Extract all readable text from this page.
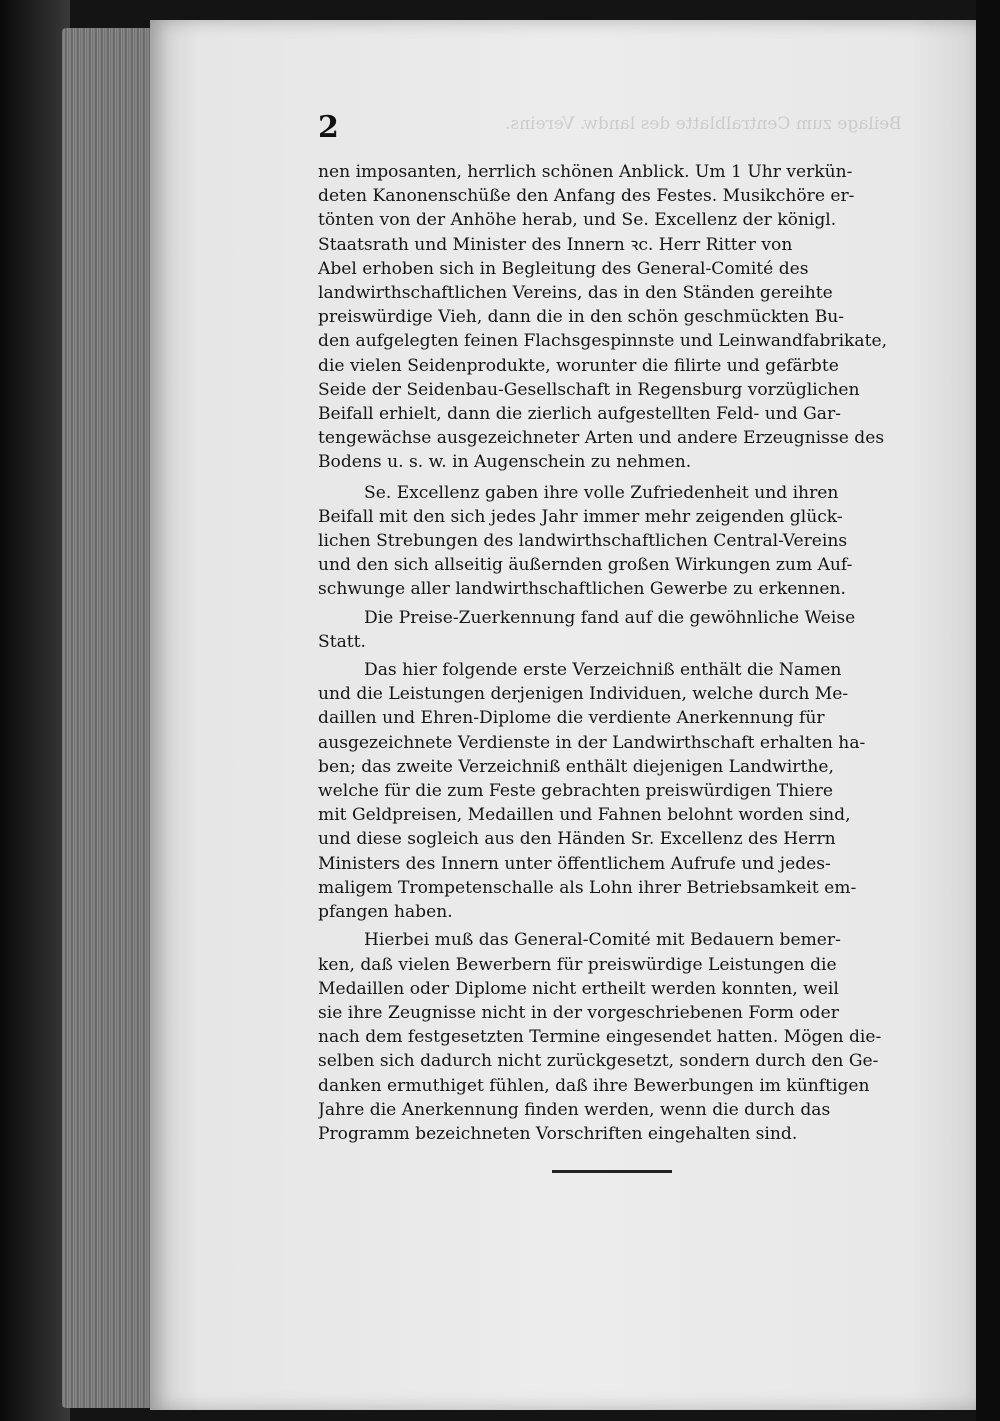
Beilage zum Centralblatte des landw. Vereins.
2

nen imposanten, herrlich schönen Anblick. Um 1 Uhr verkün-
deten Kanonenschüße den Anfang des Festes. Musikchöre er-
tönten von der Anhöhe herab, und Se. Excellenz der königl.
Staatsrath und Minister des Innern ꝛc. Herr Ritter von
Abel erhoben sich in Begleitung des General-Comité des
landwirthschaftlichen Vereins, das in den Ständen gereihte
preiswürdige Vieh, dann die in den schön geschmückten Bu-
den aufgelegten feinen Flachsgespinnste und Leinwandfabrikate,
die vielen Seidenprodukte, worunter die filirte und gefärbte
Seide der Seidenbau-Gesellschaft in Regensburg vorzüglichen
Beifall erhielt, dann die zierlich aufgestellten Feld- und Gar-
tengewächse ausgezeichneter Arten und andere Erzeugnisse des
Bodens u. s. w. in Augenschein zu nehmen.

Se. Excellenz gaben ihre volle Zufriedenheit und ihren
Beifall mit den sich jedes Jahr immer mehr zeigenden glück-
lichen Strebungen des landwirthschaftlichen Central-Vereins
und den sich allseitig äußernden großen Wirkungen zum Auf-
schwunge aller landwirthschaftlichen Gewerbe zu erkennen.

Die Preise-Zuerkennung fand auf die gewöhnliche Weise
Statt.

Das hier folgende erste Verzeichniß enthält die Namen
und die Leistungen derjenigen Individuen, welche durch Me-
daillen und Ehren-Diplome die verdiente Anerkennung für
ausgezeichnete Verdienste in der Landwirthschaft erhalten ha-
ben; das zweite Verzeichniß enthält diejenigen Landwirthe,
welche für die zum Feste gebrachten preiswürdigen Thiere
mit Geldpreisen, Medaillen und Fahnen belohnt worden sind,
und diese sogleich aus den Händen Sr. Excellenz des Herrn
Ministers des Innern unter öffentlichem Aufrufe und jedes-
maligem Trompetenschalle als Lohn ihrer Betriebsamkeit em-
pfangen haben.

Hierbei muß das General-Comité mit Bedauern bemer-
ken, daß vielen Bewerbern für preiswürdige Leistungen die
Medaillen oder Diplome nicht ertheilt werden konnten, weil
sie ihre Zeugnisse nicht in der vorgeschriebenen Form oder
nach dem festgesetzten Termine eingesendet hatten. Mögen die-
selben sich dadurch nicht zurückgesetzt, sondern durch den Ge-
danken ermuthiget fühlen, daß ihre Bewerbungen im künftigen
Jahre die Anerkennung finden werden, wenn die durch das
Programm bezeichneten Vorschriften eingehalten sind.
